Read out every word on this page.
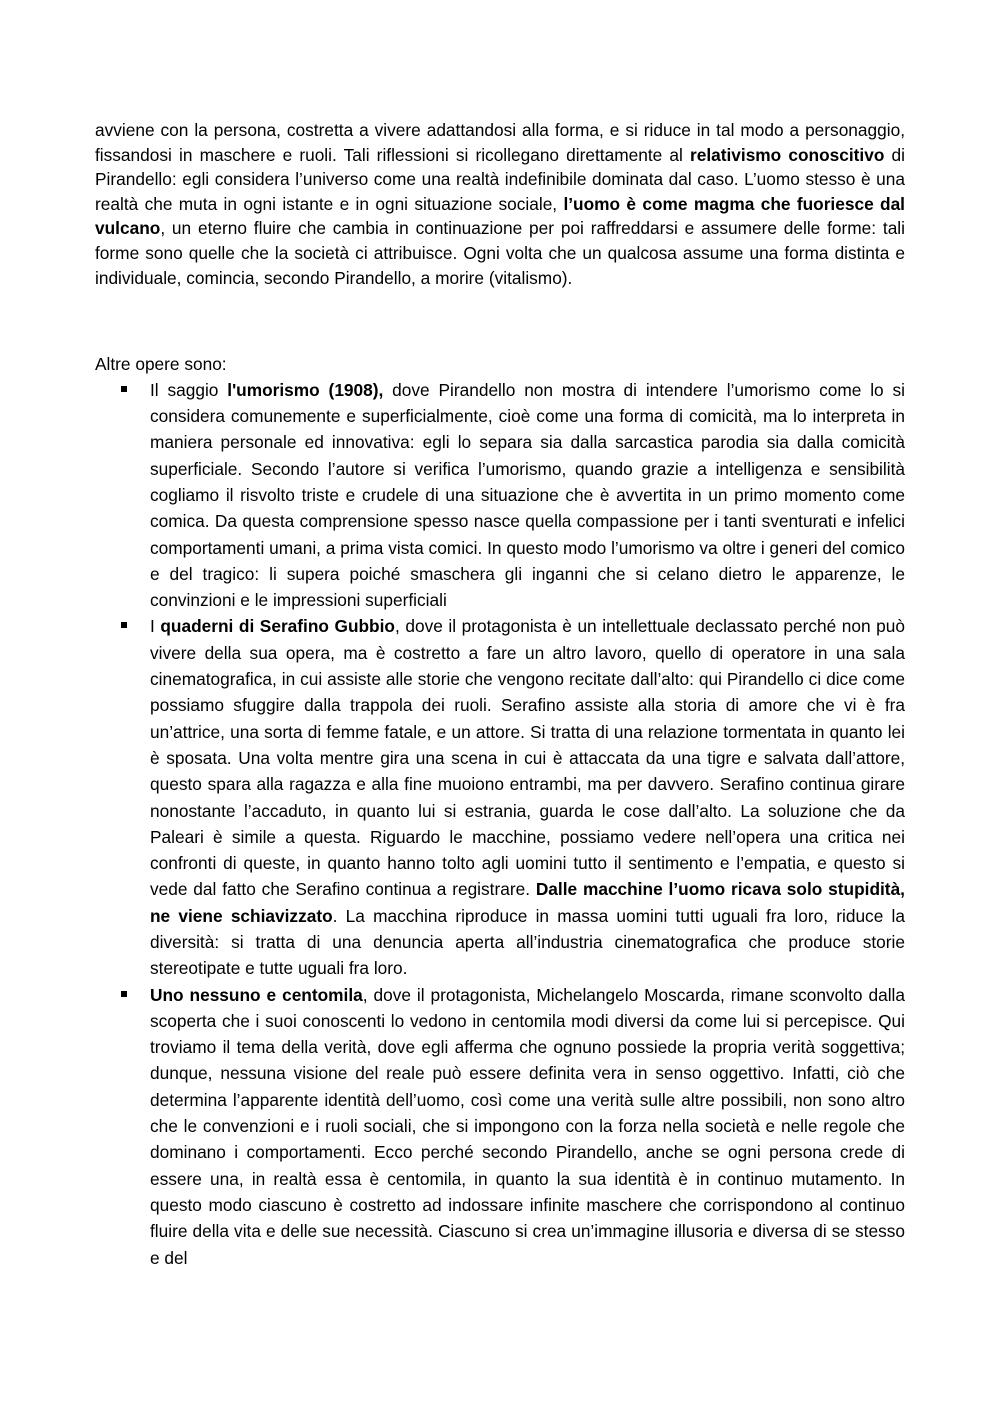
avviene con la persona, costretta a vivere adattandosi alla forma, e si riduce in tal modo a personaggio, fissandosi in maschere e ruoli. Tali riflessioni si ricollegano direttamente al relativismo conoscitivo di Pirandello: egli considera l’universo come una realtà indefinibile dominata dal caso. L’uomo stesso è una realtà che muta in ogni istante e in ogni situazione sociale, l’uomo è come magma che fuoriesce dal vulcano, un eterno fluire che cambia in continuazione per poi raffreddarsi e assumere delle forme: tali forme sono quelle che la società ci attribuisce. Ogni volta che un qualcosa assume una forma distinta e individuale, comincia, secondo Pirandello, a morire (vitalismo).

Altre opere sono:

Il saggio l'umorismo (1908), dove Pirandello non mostra di intendere l’umorismo come lo si considera comunemente e superficialmente, cioè come una forma di comicità, ma lo interpreta in maniera personale ed innovativa: egli lo separa sia dalla sarcastica parodia sia dalla comicità superficiale. Secondo l’autore si verifica l’umorismo, quando grazie a intelligenza e sensibilità cogliamo il risvolto triste e crudele di una situazione che è avvertita in un primo momento come comica. Da questa comprensione spesso nasce quella compassione per i tanti sventurati e infelici comportamenti umani, a prima vista comici. In questo modo l’umorismo va oltre i generi del comico e del tragico: li supera poiché smaschera gli inganni che si celano dietro le apparenze, le convinzioni e le impressioni superficiali
I quaderni di Serafino Gubbio, dove il protagonista è un intellettuale declassato perché non può vivere della sua opera, ma è costretto a fare un altro lavoro, quello di operatore in una sala cinematografica, in cui assiste alle storie che vengono recitate dall’alto: qui Pirandello ci dice come possiamo sfuggire dalla trappola dei ruoli. Serafino assiste alla storia di amore che vi è fra un’attrice, una sorta di femme fatale, e un attore. Si tratta di una relazione tormentata in quanto lei è sposata. Una volta mentre gira una scena in cui è attaccata da una tigre e salvata dall’attore, questo spara alla ragazza e alla fine muoiono entrambi, ma per davvero. Serafino continua girare nonostante l’accaduto, in quanto lui si estrania, guarda le cose dall’alto. La soluzione che da Paleari è simile a questa. Riguardo le macchine, possiamo vedere nell’opera una critica nei confronti di queste, in quanto hanno tolto agli uomini tutto il sentimento e l’empatia, e questo si vede dal fatto che Serafino continua a registrare. Dalle macchine l’uomo ricava solo stupidità, ne viene schiavizzato. La macchina riproduce in massa uomini tutti uguali fra loro, riduce la diversità: si tratta di una denuncia aperta all’industria cinematografica che produce storie stereotipate e tutte uguali fra loro.
Uno nessuno e centomila, dove il protagonista, Michelangelo Moscarda, rimane sconvolto dalla scoperta che i suoi conoscenti lo vedono in centomila modi diversi da come lui si percepisce. Qui troviamo il tema della verità, dove egli afferma che ognuno possiede la propria verità soggettiva; dunque, nessuna visione del reale può essere definita vera in senso oggettivo. Infatti, ciò che determina l’apparente identità dell’uomo, così come una verità sulle altre possibili, non sono altro che le convenzioni e i ruoli sociali, che si impongono con la forza nella società e nelle regole che dominano i comportamenti. Ecco perché secondo Pirandello, anche se ogni persona crede di essere una, in realtà essa è centomila, in quanto la sua identità è in continuo mutamento. In questo modo ciascuno è costretto ad indossare infinite maschere che corrispondono al continuo fluire della vita e delle sue necessità. Ciascuno si crea un’immagine illusoria e diversa di se stesso e del
